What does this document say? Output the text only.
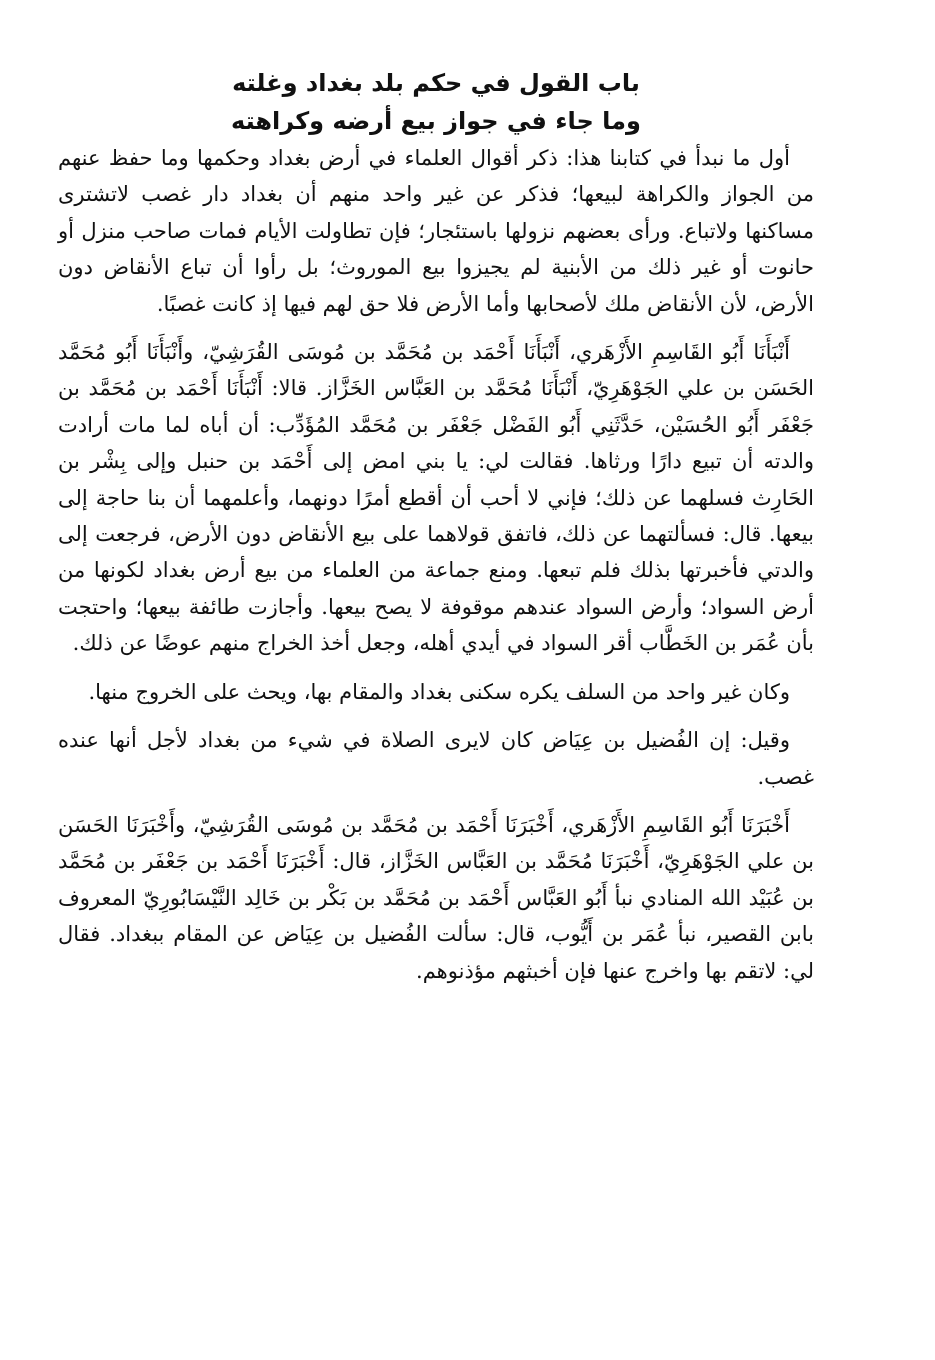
باب القول في حكم بلد بغداد وغلته
وما جاء في جواز بيع أرضه وكراهته

أول ما نبدأ في كتابنا هذا: ذكر أقوال العلماء في أرض بغداد وحكمها وما حفظ عنهم من الجواز والكراهة لبيعها؛ فذكر عن غير واحد منهم أن بغداد دار غصب لاتشترى مساكنها ولاتباع. ورأى بعضهم نزولها باستئجار؛ فإن تطاولت الأيام فمات صاحب منزل أو حانوت أو غير ذلك من الأبنية لم يجيزوا بيع الموروث؛ بل رأوا أن تباع الأنقاض دون الأرض، لأن الأنقاض ملك لأصحابها وأما الأرض فلا حق لهم فيها إذ كانت غصبًا.

أَنْبَأَنَا أَبُو القَاسِمِ الأَزْهَري، أَنْبَأَنَا أَحْمَد بن مُحَمَّد بن مُوسَى القُرَشِيّ، وأَنْبَأَنَا أَبُو مُحَمَّد الحَسَن بن علي الجَوْهَرِيّ، أَنْبَأَنَا مُحَمَّد بن العَبَّاس الخَزَّاز. قالا: أَنْبَأَنَا أَحْمَد بن مُحَمَّد بن جَعْفَر أَبُو الحُسَيْن، حَدَّثَنِي أَبُو الفَضْل جَعْفَر بن مُحَمَّد المُؤَدِّب: أن أباه لما مات أرادت والدته أن تبيع دارًا ورثاها. فقالت لي: يا بني امض إلى أَحْمَد بن حنبل وإلى بِشْر بن الحَارِث فسلهما عن ذلك؛ فإني لا أحب أن أقطع أمرًا دونهما، وأعلمهما أن بنا حاجة إلى بيعها. قال: فسألتهما عن ذلك، فاتفق قولاهما على بيع الأنقاض دون الأرض، فرجعت إلى والدتي فأخبرتها بذلك فلم تبعها. ومنع جماعة من العلماء من بيع أرض بغداد لكونها من أرض السواد؛ وأرض السواد عندهم موقوفة لا يصح بيعها. وأجازت طائفة بيعها؛ واحتجت بأن عُمَر بن الخَطَّاب أقر السواد في أيدي أهله، وجعل أخذ الخراج منهم عوضًا عن ذلك.

وكان غير واحد من السلف يكره سكنى بغداد والمقام بها، ويحث على الخروج منها.

وقيل: إن الفُضيل بن عِيَاض كان لايرى الصلاة في شيء من بغداد لأجل أنها عنده غصب.

أَخْبَرَنَا أَبُو القَاسِمِ الأَزْهَري، أَخْبَرَنَا أَحْمَد بن مُحَمَّد بن مُوسَى القُرَشِيّ، وأَخْبَرَنَا الحَسَن بن علي الجَوْهَرِيّ، أَخْبَرَنَا مُحَمَّد بن العَبَّاس الخَزَّاز، قال: أَخْبَرَنَا أَحْمَد بن جَعْفَر بن مُحَمَّد بن عُبَيْد الله المنادي نبأ أَبُو العَبَّاس أَحْمَد بن مُحَمَّد بن بَكْر بن خَالِد النَّيْسَابُورِيّ المعروف بابن القصير، نبأ عُمَر بن أَيُّوب، قال: سألت الفُضيل بن عِيَاض عن المقام ببغداد. فقال لي: لاتقم بها واخرج عنها فإن أخبثهم مؤذنوهم.
